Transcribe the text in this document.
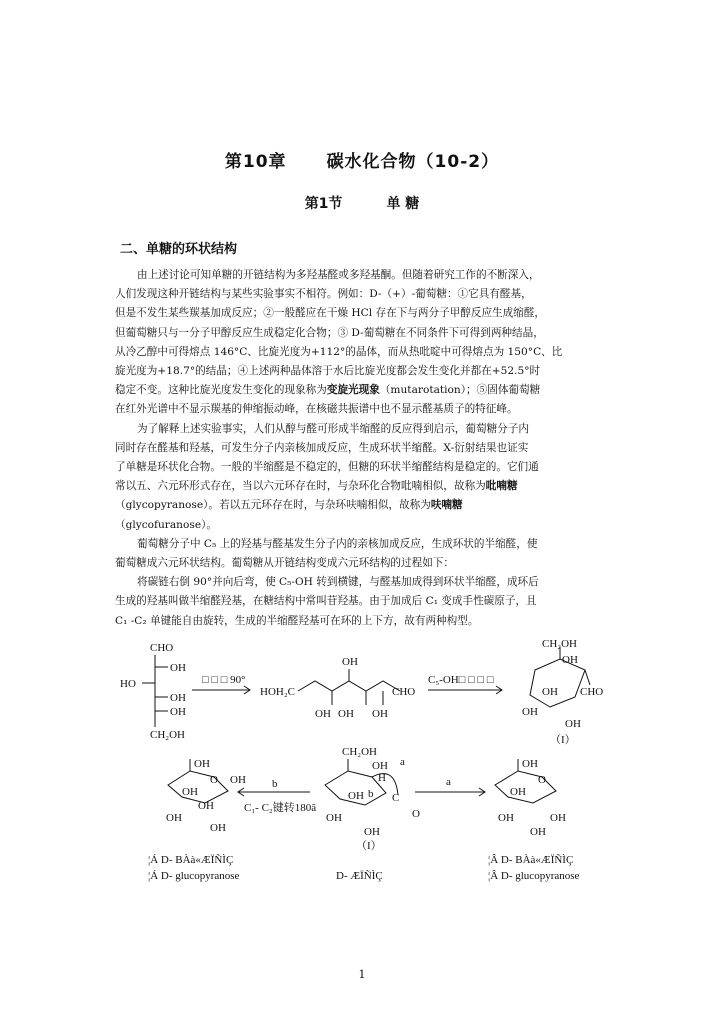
第10章 碳水化合物（10-2）
第1节	单 糖
二、单糖的环状结构

由上述讨论可知单糖的开链结构为多羟基醛或多羟基酮。但随着研究工作的不断深入，
人们发现这种开链结构与某些实验事实不相符。例如：D-（+）-葡萄糖：①它具有醛基，
但是不发生某些羰基加成反应；②一般醛应在干燥 HCl 存在下与两分子甲醇反应生成缩醛，
但葡萄糖只与一分子甲醇反应生成稳定化合物；③ D-葡萄糖在不同条件下可得到两种结晶，
从冷乙醇中可得熔点 146°C、比旋光度为+112°的晶体，而从热吡啶中可得熔点为 150°C、比
旋光度为+18.7°的结晶；④上述两种晶体溶于水后比旋光度都会发生变化并都在+52.5°时
稳定不变。这种比旋光度发生变化的现象称为变旋光现象（mutarotation）；⑤固体葡萄糖
在红外光谱中不显示羰基的伸缩振动峰，在核磁共振谱中也不显示醛基质子的特征峰。

为了解释上述实验事实，人们从醇与醛可形成半缩醛的反应得到启示，葡萄糖分子内
同时存在醛基和羟基，可发生分子内亲核加成反应，生成环状半缩醛。X-衍射结果也证实
了单糖是环状化合物。一般的半缩醛是不稳定的，但糖的环状半缩醛结构是稳定的。它们通
常以五、六元环形式存在，当以六元环存在时，与杂环化合物吡喃相似，故称为吡喃糖
（glycopyranose）。若以五元环存在时，与杂环呋喃相似，故称为呋喃糖
（glycofuranose）。

葡萄糖分子中 C₅ 上的羟基与醛基发生分子内的亲核加成反应，生成环状的半缩醛，使
葡萄糖成六元环状结构。葡萄糖从开链结构变成六元环结构的过程如下：

将碳链右倒 90°并向后弯，使 C₅-OH 转到横键，与醛基加成得到环状半缩醛，成环后
生成的羟基叫做半缩醛羟基，在糖结构中常叫苷羟基。由于加成后 C₁ 变成手性碳原子，且
C₁ -C₂ 单键能自由旋转，生成的半缩醛羟基可在环的上下方，故有两种构型。

CHO
OH
HO
OH
OH
CH₂OH
□ □ □ 90°
HOH₂C
OH
CHO
OH OH OH
C₅-OH□ □ □ □
CH₂OH
OH
OH CHO
OH
OH
（I）
OH
O OH
OH
OH
OH
OH
b
C₁- C₂键转180ã
CH₂OH
OH a
H
OH b C
O
OH
OH
（I）
a
OH
O
OH
OH	OH
OH
¦Á D- BÀà«ÆÏÑÌÇ
¦Á D- glucopyranose	D- ÆÏÑÌÇ
¦Â D- BÀà«ÆÏÑÌÇ
¦Â D- glucopyranose
1
